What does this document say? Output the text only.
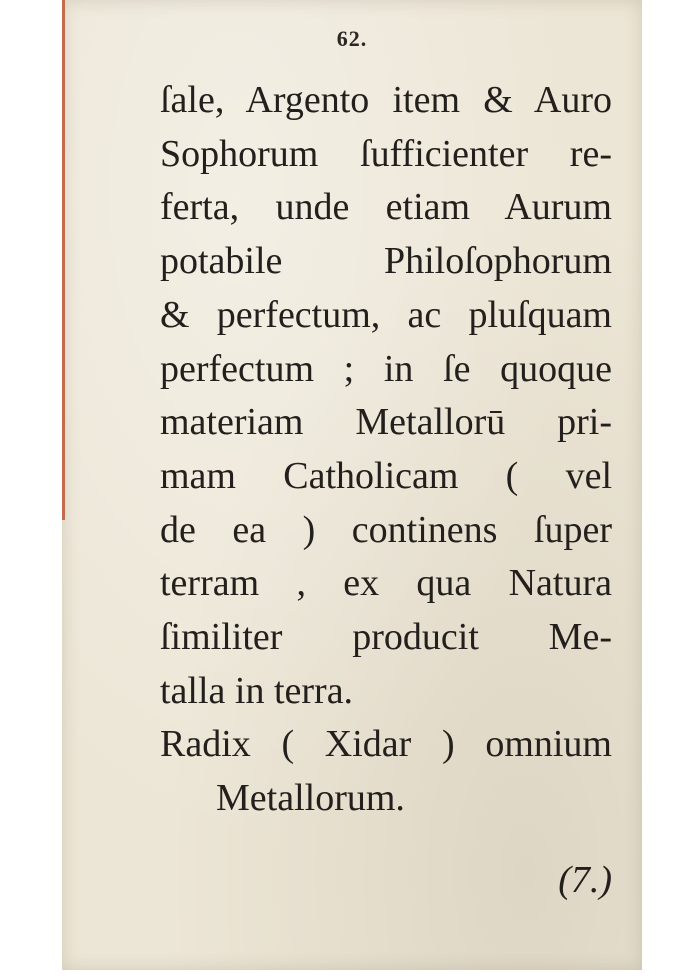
62.
ſale, Argento item & Auro
Sophorum ſufficienter re-
ferta, unde etiam Aurum
potabile Philoſophorum
& perfectum, ac pluſquam
perfectum ; in ſe quoque
materiam Metallorū pri-
mam Catholicam ( vel
de ea ) continens ſuper
terram , ex qua Natura
ſimiliter producit Me-
talla in terra.
Radix ( Xidar ) omnium
Metallorum.
(7.)
